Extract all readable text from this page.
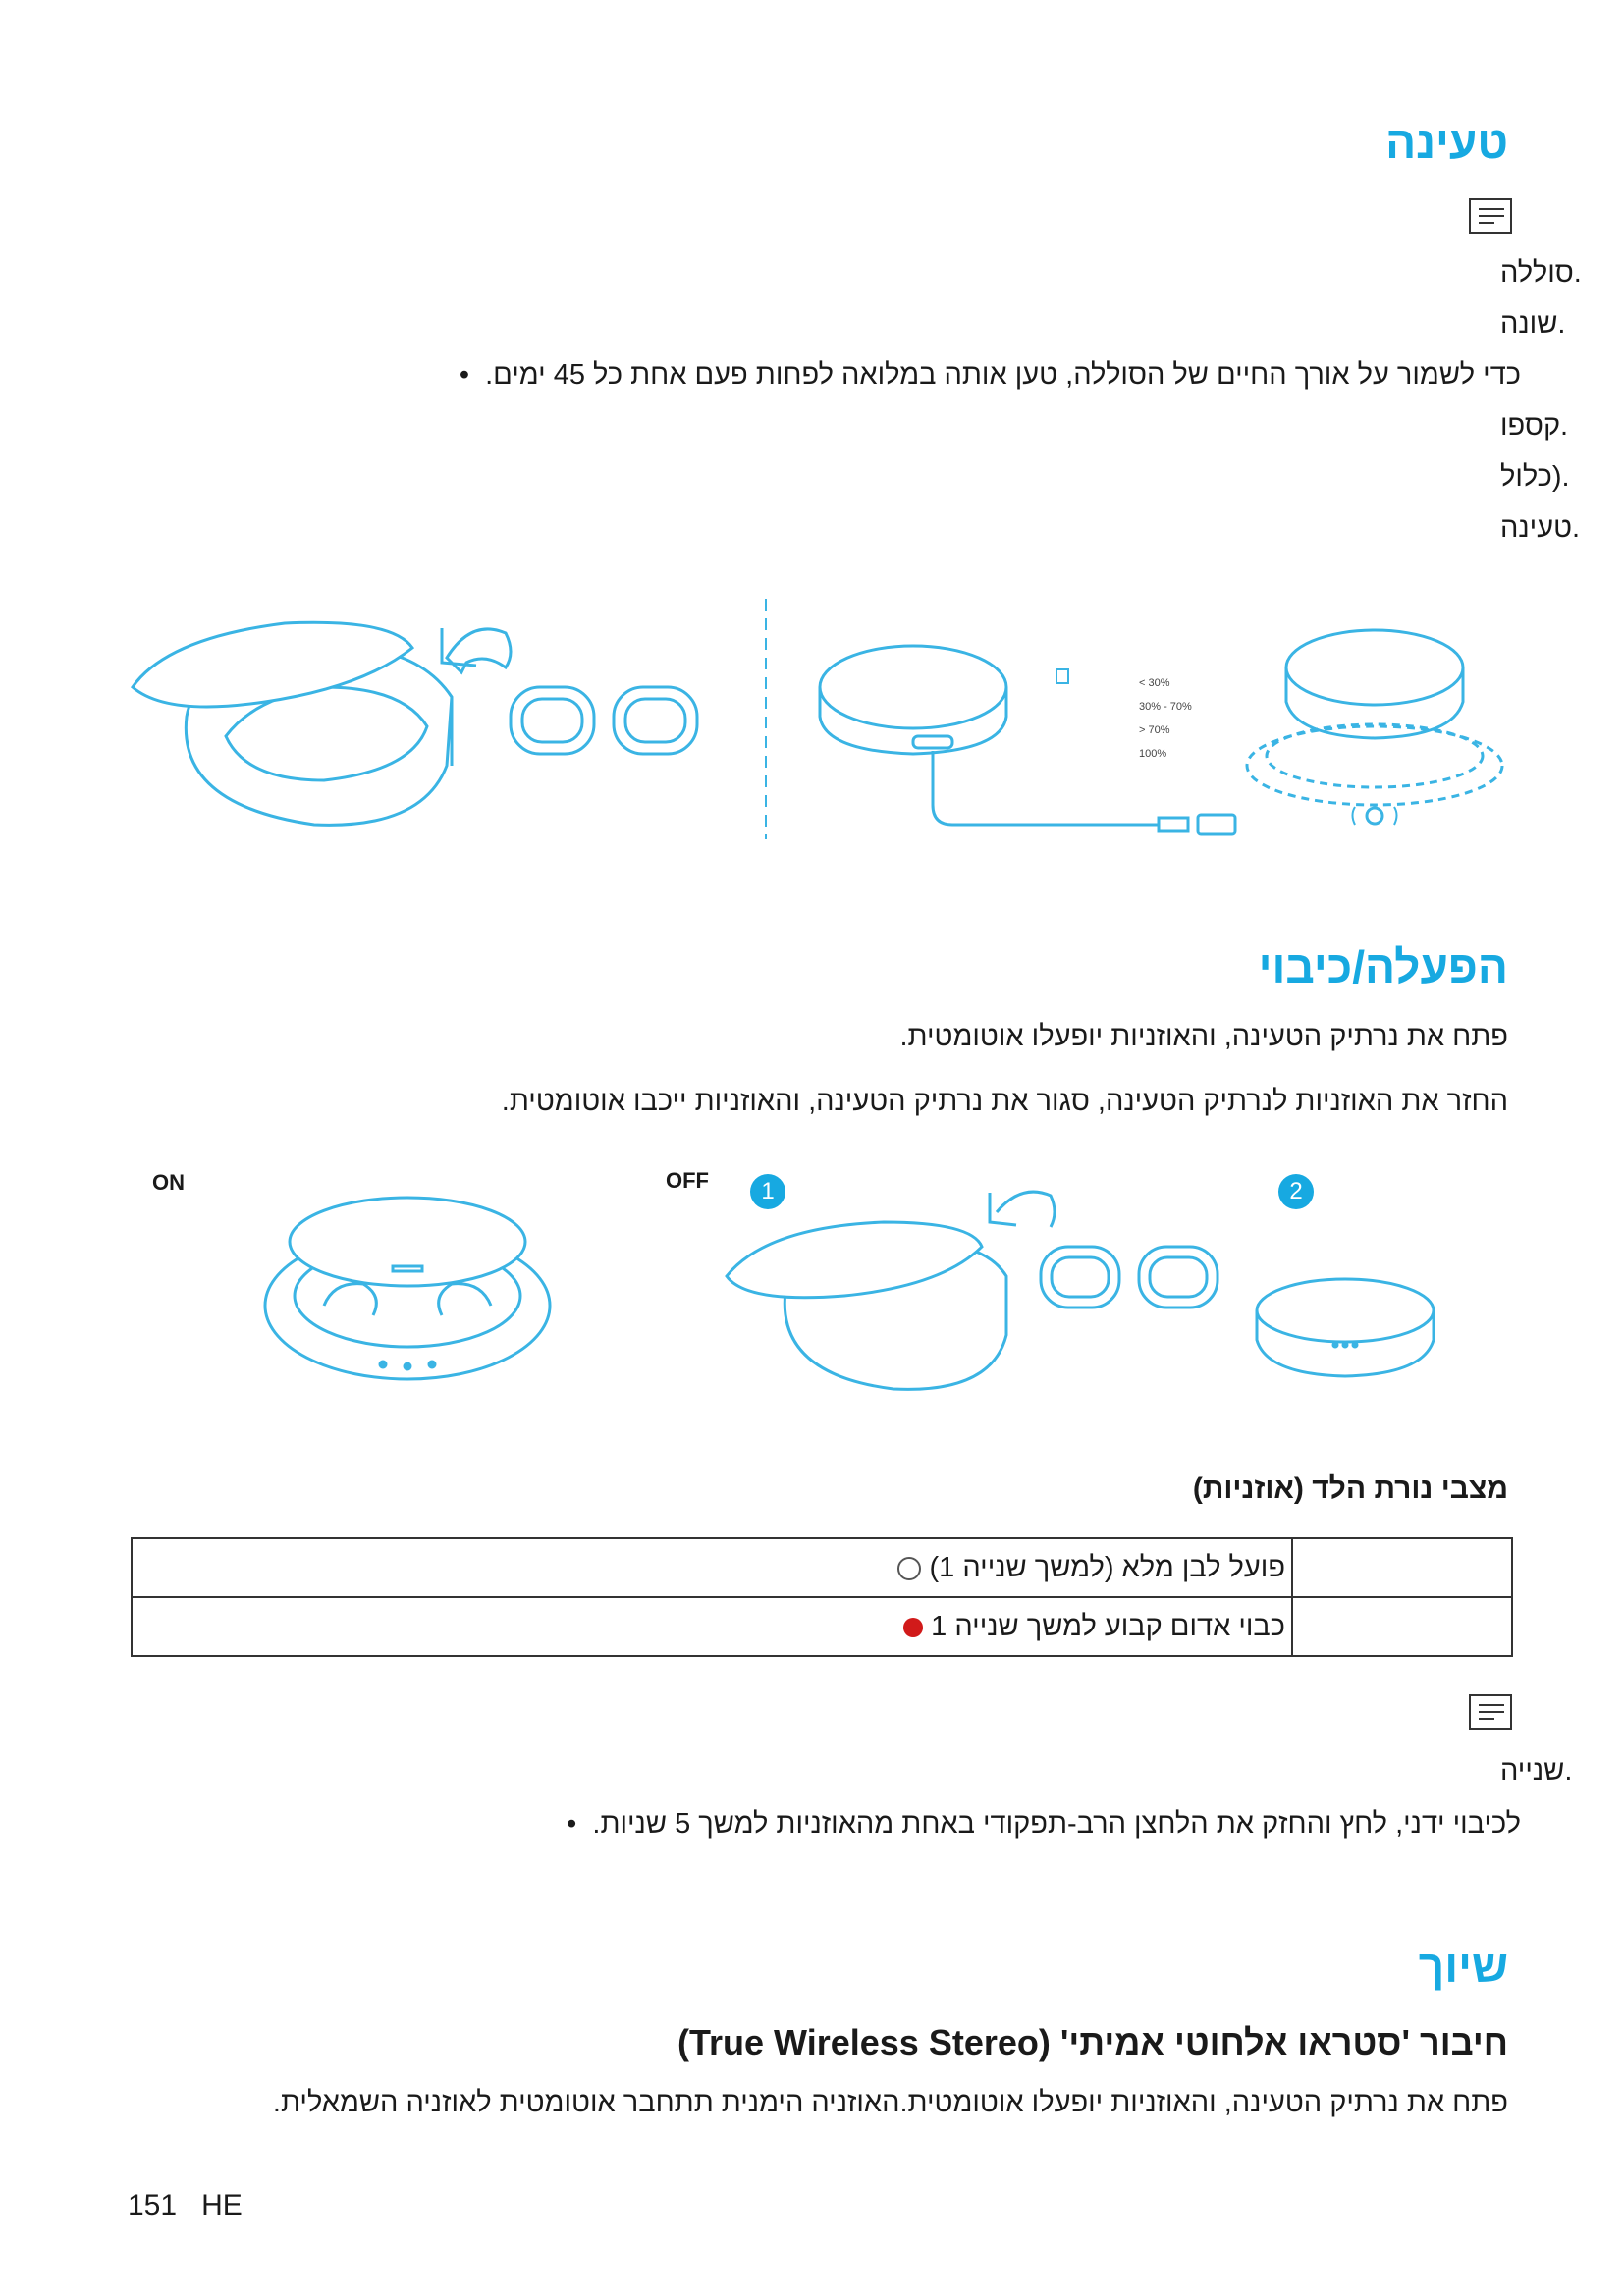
טעינה
.סוללה
.שונה
כדי לשמור על אורך החיים של הסוללה, טען אותה במלואה לפחות פעם אחת כל 45 ימים.  •
.קספו
.(כלול
.טעינה
< 30%
30% - 70%
> 70%
100%
הפעלה/כיבוי
פתח את נרתיק הטעינה, והאוזניות יופעלו אוטומטית.
החזר את האוזניות לנרתיק הטעינה, סגור את נרתיק הטעינה, והאוזניות ייכבו אוטומטית.
ON	OFF	1	2
מצבי נורת הלד (אוזניות)
פועל לבן מלא (למשך שנייה 1)	
כבוי אדום קבוע למשך שנייה 1	
.שנייה
לכיבוי ידני, לחץ והחזק את הלחצן הרב-תפקודי באחת מהאוזניות למשך 5 שניות.  •
שיוך
חיבור 'סטראו אלחוטי אמיתי' (True Wireless Stereo)
פתח את נרתיק הטעינה, והאוזניות יופעלו אוטומטית.האוזניה הימנית תתחבר אוטומטית לאוזניה השמאלית.
151 HE
